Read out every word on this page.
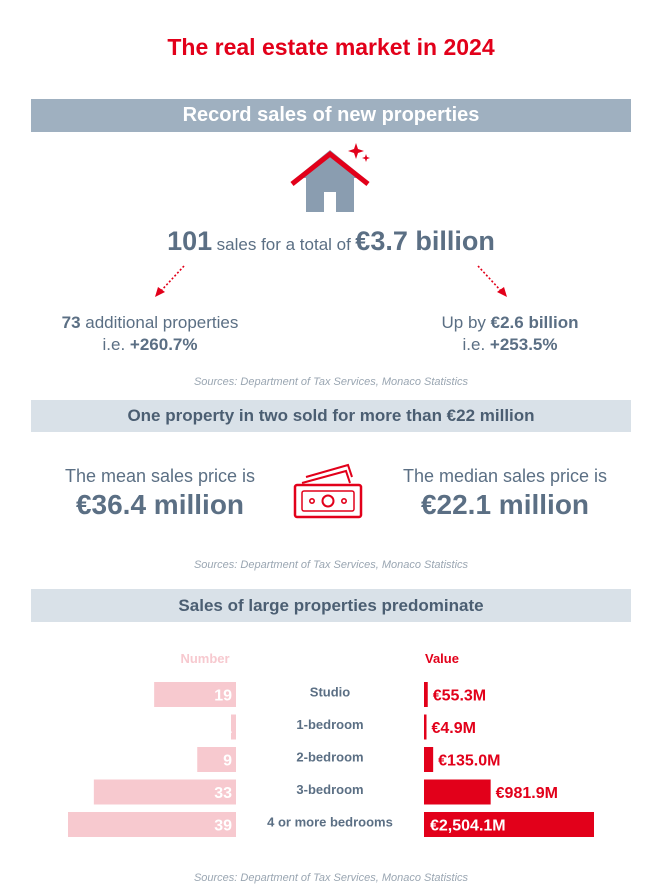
The real estate market in 2024
Record sales of new properties
101 sales for a total of €3.7 billion
73 additional properties
i.e. +260.7%
Up by €2.6 billion
i.e. +253.5%
Sources: Department of Tax Services, Monaco Statistics
One property in two sold for more than €22 million
The mean sales price is
€36.4 million
The median sales price is
€22.1 million
Sources: Department of Tax Services, Monaco Statistics
Sales of large properties predominate
Number	Value
19	Studio	€55.3M
1	1-bedroom	€4.9M
9	2-bedroom	€135.0M
33	3-bedroom	€981.9M
39	4 or more bedrooms €2,504.1M
Sources: Department of Tax Services, Monaco Statistics
